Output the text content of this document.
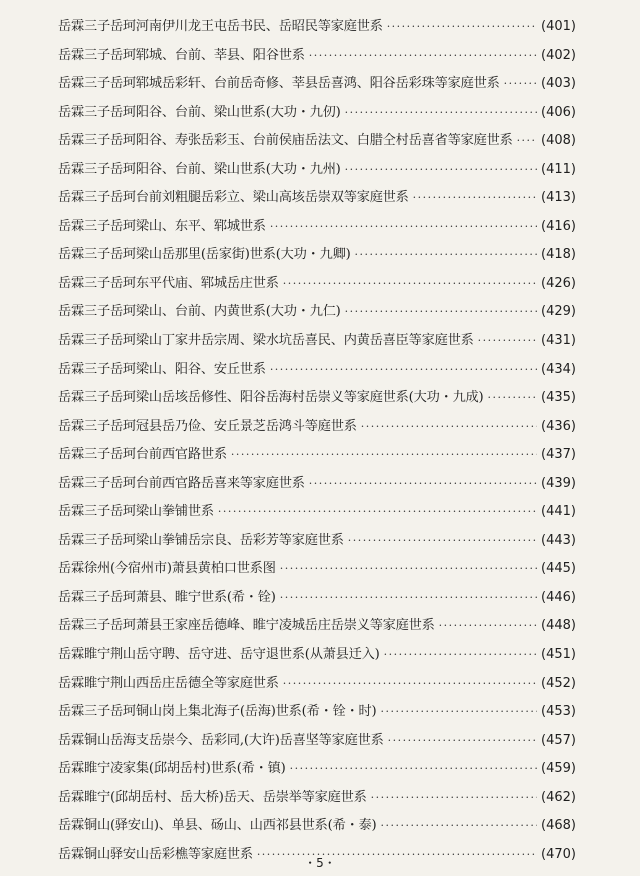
岳霖三子岳珂河南伊川龙王屯岳书民、岳昭民等家庭世系 ·····	(401)
岳霖三子岳珂郓城、台前、莘县、阳谷世系 ·····	(402)
岳霖三子岳珂郓城岳彩轩、台前岳奇修、莘县岳喜鸿、阳谷岳彩珠等家庭世系 ·····	(403)
岳霖三子岳珂阳谷、台前、梁山世系(大功・九仞) ·····	(406)
岳霖三子岳珂阳谷、寿张岳彩玉、台前侯庙岳法文、白腊仝村岳喜省等家庭世系 ····· (408)
岳霖三子岳珂阳谷、台前、梁山世系(大功・九州) ·····	(411)
岳霖三子岳珂台前刘粗腿岳彩立、梁山高垓岳崇双等家庭世系 ·····	(413)
岳霖三子岳珂梁山、东平、郓城世系 ·····	(416)
岳霖三子岳珂梁山岳那里(岳家街)世系(大功・九卿) ·····	(418)
岳霖三子岳珂东平代庙、郓城岳庄世系 ·····	(426)
岳霖三子岳珂梁山、台前、内黄世系(大功・九仁) ·····	(429)
岳霖三子岳珂梁山丁家井岳宗周、梁水坑岳喜民、内黄岳喜臣等家庭世系 ·····	(431)
岳霖三子岳珂梁山、阳谷、安丘世系 ·····	(434)
岳霖三子岳珂梁山岳垓岳修性、阳谷岳海村岳崇义等家庭世系(大功・九成) ·····	(435)
岳霖三子岳珂冠县岳乃俭、安丘景芝岳鸿斗等庭世系 ·····	(436)
岳霖三子岳珂台前西官路世系 ·····	(437)
岳霖三子岳珂台前西官路岳喜来等家庭世系 ·····	(439)
岳霖三子岳珂梁山拳铺世系 ·····	(441)
岳霖三子岳珂梁山拳铺岳宗良、岳彩芳等家庭世系 ·····	(443)
岳霖徐州(今宿州市)萧县黄柏口世系图 ·····	(445)
岳霖三子岳珂萧县、睢宁世系(希・铨) ·····	(446)
岳霖三子岳珂萧县王家座岳德峰、睢宁凌城岳庄岳崇义等家庭世系 ·····	(448)
岳霖睢宁荆山岳守聘、岳守进、岳守退世系(从萧县迁入) ·····	(451)
岳霖睢宁荆山西岳庄岳德全等家庭世系 ·····	(452)
岳霖三子岳珂铜山岗上集北海子(岳海)世系(希・铨・时) ·····	(453)
岳霖铜山岳海支岳崇今、岳彩同,(大许)岳喜坚等家庭世系 ·····	(457)
岳霖睢宁凌家集(邱胡岳村)世系(希・镇) ·····	(459)
岳霖睢宁(邱胡岳村、岳大桥)岳天、岳崇举等家庭世系 ·····	(462)
岳霖铜山(驿安山)、单县、砀山、山西祁县世系(希・泰) ·····	(468)
岳霖铜山驿安山岳彩樵等家庭世系 ·····	(470)
・5・
